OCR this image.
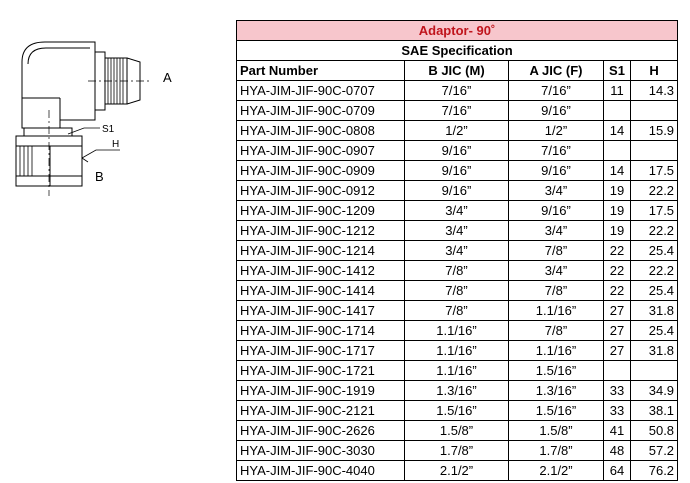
A
S1
H
B
Adaptor- 90˚				
SAE Specification				
Part Number	B JIC (M)	A JIC (F)	S1	H
HYA-JIM-JIF-90C-0707	7/16”	7/16”	11	14.3
HYA-JIM-JIF-90C-0709	7/16”	9/16”		
HYA-JIM-JIF-90C-0808	1/2”	1/2”	14	15.9
HYA-JIM-JIF-90C-0907	9/16”	7/16”		
HYA-JIM-JIF-90C-0909	9/16”	9/16”	14	17.5
HYA-JIM-JIF-90C-0912	9/16”	3/4”	19	22.2
HYA-JIM-JIF-90C-1209	3/4”	9/16”	19	17.5
HYA-JIM-JIF-90C-1212	3/4”	3/4”	19	22.2
HYA-JIM-JIF-90C-1214	3/4”	7/8”	22	25.4
HYA-JIM-JIF-90C-1412	7/8”	3/4”	22	22.2
HYA-JIM-JIF-90C-1414	7/8”	7/8”	22	25.4
HYA-JIM-JIF-90C-1417	7/8”	1.1/16”	27	31.8
HYA-JIM-JIF-90C-1714	1.1/16”	7/8”	27	25.4
HYA-JIM-JIF-90C-1717	1.1/16”	1.1/16”	27	31.8
HYA-JIM-JIF-90C-1721	1.1/16”	1.5/16”		
HYA-JIM-JIF-90C-1919	1.3/16”	1.3/16”	33	34.9
HYA-JIM-JIF-90C-2121	1.5/16”	1.5/16”	33	38.1
HYA-JIM-JIF-90C-2626	1.5/8”	1.5/8”	41	50.8
HYA-JIM-JIF-90C-3030	1.7/8”	1.7/8”	48	57.2
HYA-JIM-JIF-90C-4040	2.1/2”	2.1/2”	64	76.2
